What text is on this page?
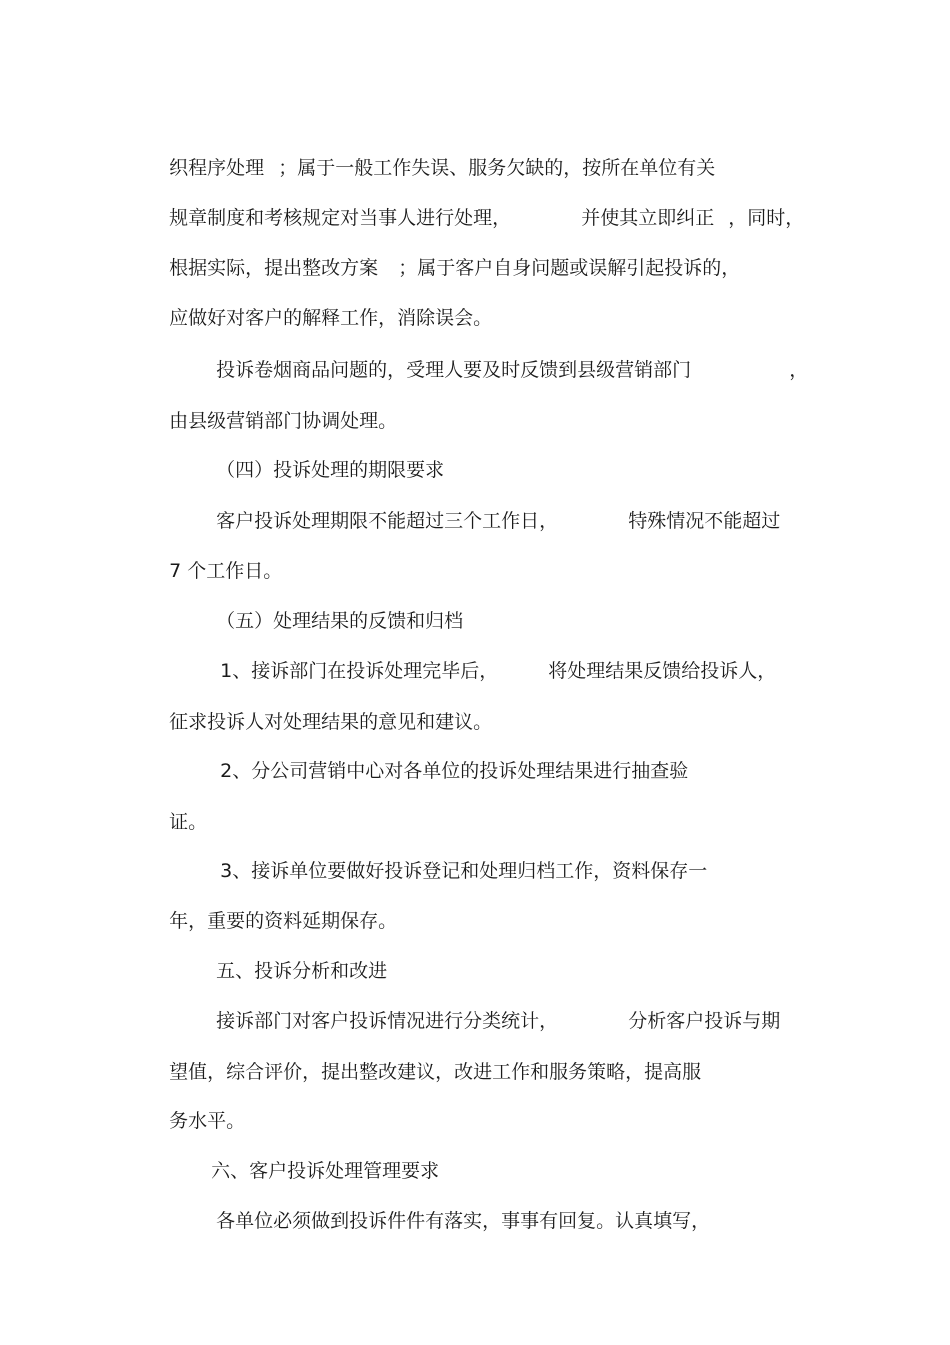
织程序处理 ；属于一般工作失误、服务欠缺的，按所在单位有关

规章制度和考核规定对当事人进行处理，	并使其立即纠正 ，同时，

根据实际，提出整改方案 ；属于客户自身问题或误解引起投诉的，

应做好对客户的解释工作，消除误会。

投诉卷烟商品问题的，受理人要及时反馈到县级营销部门	，

由县级营销部门协调处理。

（四）投诉处理的期限要求

客户投诉处理期限不能超过三个工作日，	特殊情况不能超过

7 个工作日。

（五）处理结果的反馈和归档

1、接诉部门在投诉处理完毕后，	将处理结果反馈给投诉人，

征求投诉人对处理结果的意见和建议。

2、分公司营销中心对各单位的投诉处理结果进行抽查验

证。

3、接诉单位要做好投诉登记和处理归档工作，资料保存一

年，重要的资料延期保存。

五、投诉分析和改进

接诉部门对客户投诉情况进行分类统计，	分析客户投诉与期

望值，综合评价，提出整改建议，改进工作和服务策略，提高服

务水平。

六、客户投诉处理管理要求

各单位必须做到投诉件件有落实，事事有回复。认真填写，
